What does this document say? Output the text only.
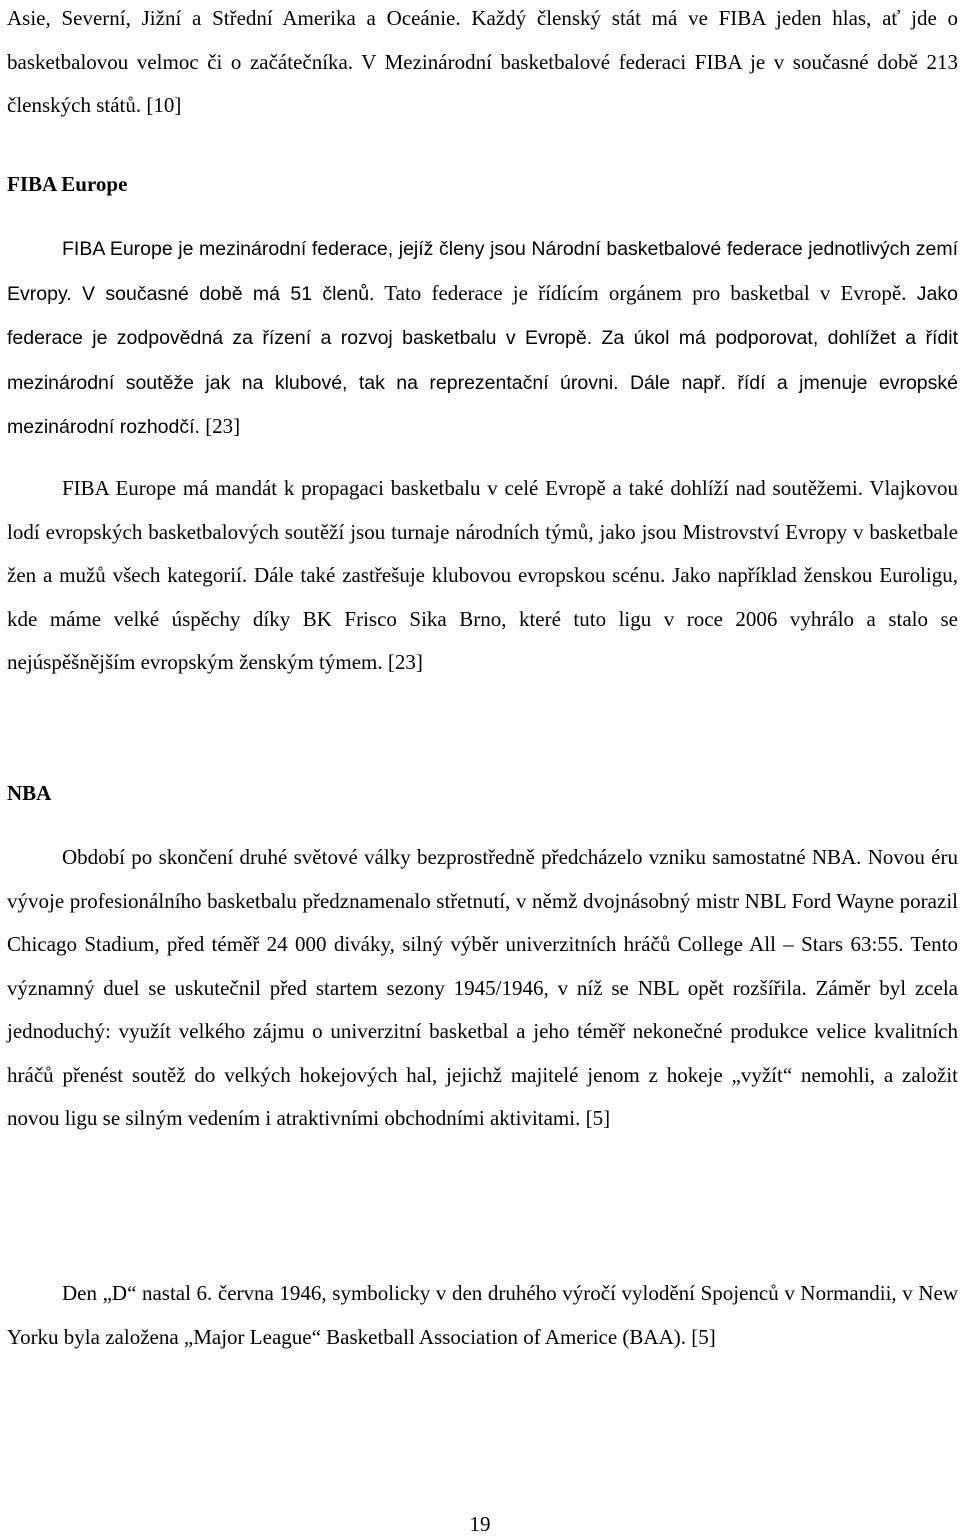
Asie, Severní, Jižní a Střední Amerika a Oceánie. Každý členský stát má ve FIBA jeden hlas, ať jde o basketbalovou velmoc či o začátečníka. V Mezinárodní basketbalové federaci FIBA je v současné době 213 členských států. [10]

FIBA Europe

FIBA Europe je mezinárodní federace, jejíž členy jsou Národní basketbalové federace jednotlivých zemí Evropy. V současné době má 51 členů. Tato federace je řídícím orgánem pro basketbal v Evropě. Jako federace je zodpovědná za řízení a rozvoj basketbalu v Evropě. Za úkol má podporovat, dohlížet a řídit mezinárodní soutěže jak na klubové, tak na reprezentační úrovni. Dále např. řídí a jmenuje evropské mezinárodní rozhodčí. [23]

FIBA Europe má mandát k propagaci basketbalu v celé Evropě a také dohlíží nad soutěžemi. Vlajkovou lodí evropských basketbalových soutěží jsou turnaje národních týmů, jako jsou Mistrovství Evropy v basketbale žen a mužů všech kategorií. Dále také zastřešuje klubovou evropskou scénu. Jako například ženskou Euroligu, kde máme velké úspěchy díky BK Frisco Sika Brno, které tuto ligu v roce 2006 vyhrálo a stalo se nejúspěšnějším evropským ženským týmem. [23]

NBA

Období po skončení druhé světové války bezprostředně předcházelo vzniku samostatné NBA. Novou éru vývoje profesionálního basketbalu předznamenalo střetnutí, v němž dvojnásobný mistr NBL Ford Wayne porazil Chicago Stadium, před téměř 24 000 diváky, silný výběr univerzitních hráčů College All – Stars 63:55. Tento významný duel se uskutečnil před startem sezony 1945/1946, v níž se NBL opět rozšířila. Záměr byl zcela jednoduchý: využít velkého zájmu o univerzitní basketbal a jeho téměř nekonečné produkce velice kvalitních hráčů přenést soutěž do velkých hokejových hal, jejichž majitelé jenom z hokeje „vyžít“ nemohli, a založit novou ligu se silným vedením i atraktivními obchodními aktivitami. [5]

Den „D“ nastal 6. června 1946, symbolicky v den druhého výročí vylodění Spojenců v Normandii, v New Yorku byla založena „Major League“ Basketball Association of Americe (BAA). [5]

19
